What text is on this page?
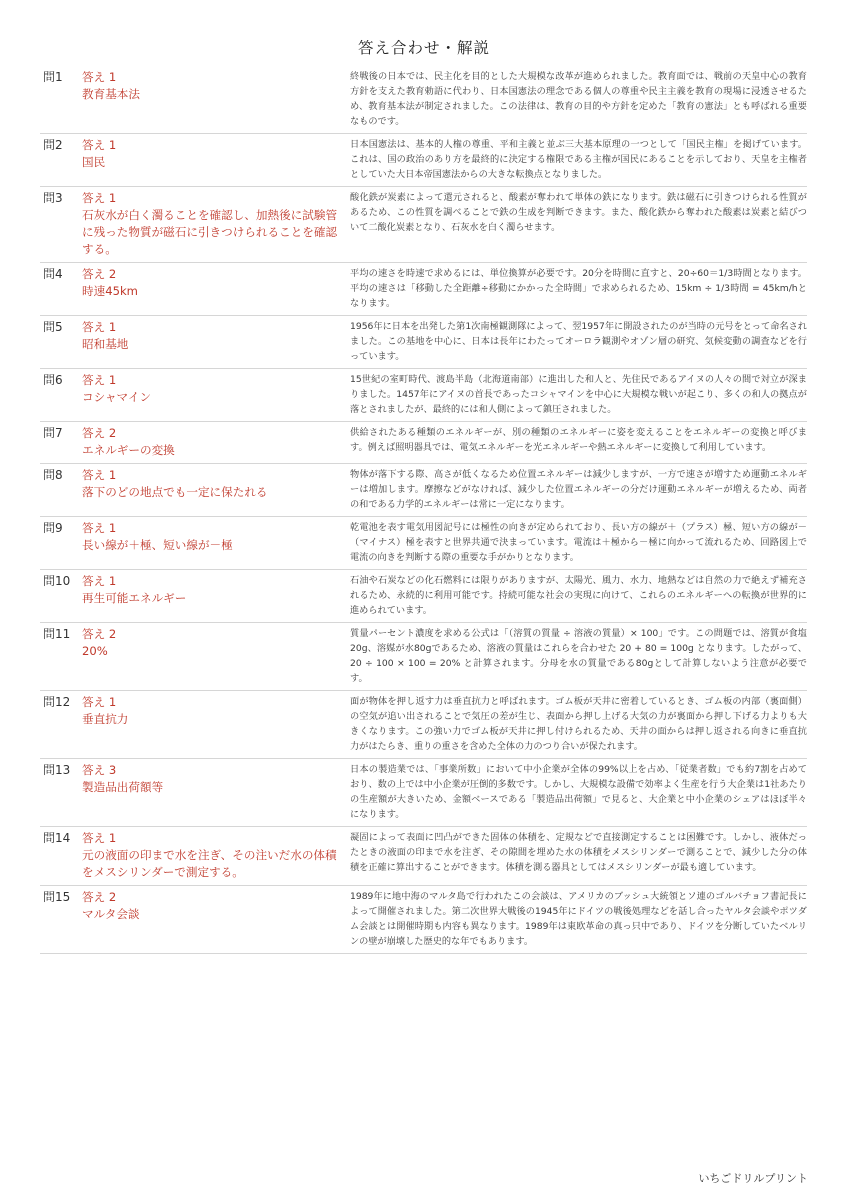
答え合わせ・解説
問1	答え 1
教育基本法
終戦後の日本では、民主化を目的とした大規模な改革が進められました。教育面では、戦前の天皇中心の教育方針を支えた教育勅語に代わり、日本国憲法の理念である個人の尊重や民主主義を教育の現場に浸透させるため、教育基本法が制定されました。この法律は、教育の目的や方針を定めた「教育の憲法」とも呼ばれる重要なものです。
問2	答え 1
国民
日本国憲法は、基本的人権の尊重、平和主義と並ぶ三大基本原理の一つとして「国民主権」を掲げています。これは、国の政治のあり方を最終的に決定する権限である主権が国民にあることを示しており、天皇を主権者としていた大日本帝国憲法からの大きな転換点となりました。
問3	答え 1
石灰水が白く濁ることを確認し、加熱後に試験管に残った物質が磁石に引きつけられることを確認する。
酸化鉄が炭素によって還元されると、酸素が奪われて単体の鉄になります。鉄は磁石に引きつけられる性質があるため、この性質を調べることで鉄の生成を判断できます。また、酸化鉄から奪われた酸素は炭素と結びついて二酸化炭素となり、石灰水を白く濁らせます。
問4	答え 2
時速45km
平均の速さを時速で求めるには、単位換算が必要です。20分を時間に直すと、20÷60＝1/3時間となります。平均の速さは「移動した全距離÷移動にかかった全時間」で求められるため、15km ÷ 1/3時間 = 45km/hとなります。
問5	答え 1
昭和基地
1956年に日本を出発した第1次南極観測隊によって、翌1957年に開設されたのが当時の元号をとって命名されました。この基地を中心に、日本は長年にわたってオーロラ観測やオゾン層の研究、気候変動の調査などを行っています。
問6	答え 1
コシャマイン
15世紀の室町時代、渡島半島（北海道南部）に進出した和人と、先住民であるアイヌの人々の間で対立が深まりました。1457年にアイヌの首長であったコシャマインを中心に大規模な戦いが起こり、多くの和人の拠点が落とされましたが、最終的には和人側によって鎮圧されました。
問7	答え 2
エネルギーの変換
供給されたある種類のエネルギーが、別の種類のエネルギーに姿を変えることをエネルギーの変換と呼びます。例えば照明器具では、電気エネルギーを光エネルギーや熱エネルギーに変換して利用しています。
問8	答え 1
落下のどの地点でも一定に保たれる
物体が落下する際、高さが低くなるため位置エネルギーは減少しますが、一方で速さが増すため運動エネルギーは増加します。摩擦などがなければ、減少した位置エネルギーの分だけ運動エネルギーが増えるため、両者の和である力学的エネルギーは常に一定になります。
問9	答え 1
長い線が＋極、短い線が－極
乾電池を表す電気用図記号には極性の向きが定められており、長い方の線が＋（プラス）極、短い方の線が－（マイナス）極を表すと世界共通で決まっています。電流は＋極から－極に向かって流れるため、回路図上で電流の向きを判断する際の重要な手がかりとなります。
問10	答え 1
再生可能エネルギー
石油や石炭などの化石燃料には限りがありますが、太陽光、風力、水力、地熱などは自然の力で絶えず補充されるため、永続的に利用可能です。持続可能な社会の実現に向けて、これらのエネルギーへの転換が世界的に進められています。
問11	答え 2
20%
質量パーセント濃度を求める公式は「（溶質の質量 ÷ 溶液の質量）× 100」です。この問題では、溶質が食塩20g、溶媒が水80gであるため、溶液の質量はこれらを合わせた 20 + 80 = 100g となります。したがって、20 ÷ 100 × 100 = 20% と計算されます。分母を水の質量である80gとして計算しないよう注意が必要です。
問12	答え 1
垂直抗力
面が物体を押し返す力は垂直抗力と呼ばれます。ゴム板が天井に密着しているとき、ゴム板の内部（裏面側）の空気が追い出されることで気圧の差が生じ、表面から押し上げる大気の力が裏面から押し下げる力よりも大きくなります。この強い力でゴム板が天井に押し付けられるため、天井の面からは押し返される向きに垂直抗力がはたらき、重りの重さを含めた全体の力のつり合いが保たれます。
問13	答え 3
製造品出荷額等
日本の製造業では、「事業所数」において中小企業が全体の99%以上を占め、「従業者数」でも約7割を占めており、数の上では中小企業が圧倒的多数です。しかし、大規模な設備で効率よく生産を行う大企業は1社あたりの生産額が大きいため、金額ベースである「製造品出荷額」で見ると、大企業と中小企業のシェアはほぼ半々になります。
問14	答え 1
元の液面の印まで水を注ぎ、その注いだ水の体積をメスシリンダーで測定する。
凝固によって表面に凹凸ができた固体の体積を、定規などで直接測定することは困難です。しかし、液体だったときの液面の印まで水を注ぎ、その隙間を埋めた水の体積をメスシリンダーで測ることで、減少した分の体積を正確に算出することができます。体積を測る器具としてはメスシリンダーが最も適しています。
問15	答え 2
マルタ会談
1989年に地中海のマルタ島で行われたこの会談は、アメリカのブッシュ大統領とソ連のゴルバチョフ書記長によって開催されました。第二次世界大戦後の1945年にドイツの戦後処理などを話し合ったヤルタ会談やポツダム会談とは開催時期も内容も異なります。1989年は東欧革命の真っ只中であり、ドイツを分断していたベルリンの壁が崩壊した歴史的な年でもあります。
いちごドリルプリント
